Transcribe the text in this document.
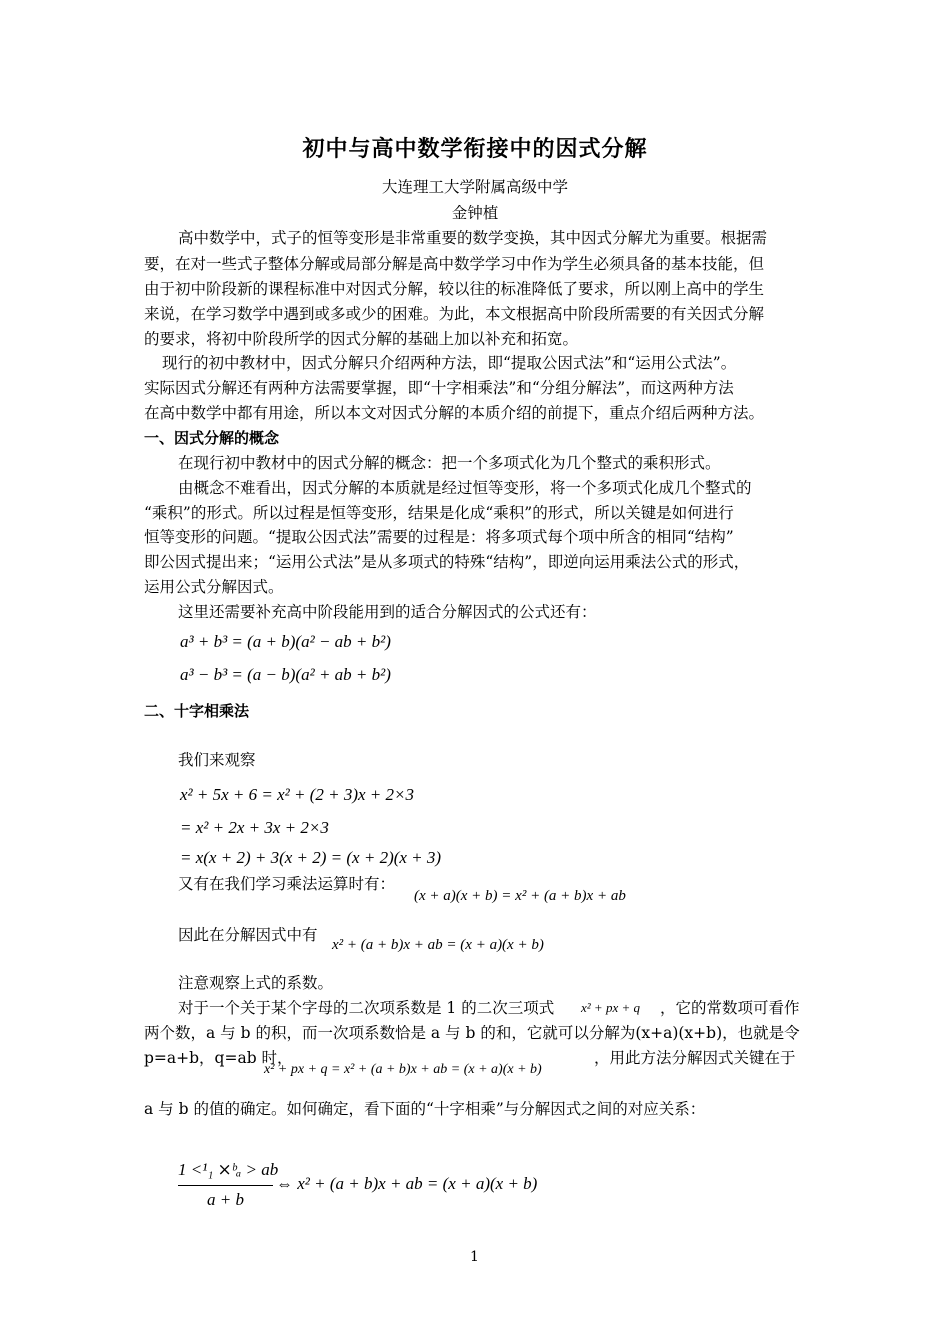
初中与高中数学衔接中的因式分解
大连理工大学附属高级中学
金钟植
高中数学中，式子的恒等变形是非常重要的数学变换，其中因式分解尤为重要。根据需
要，在对一些式子整体分解或局部分解是高中数学学习中作为学生必须具备的基本技能，但
由于初中阶段新的课程标准中对因式分解，较以往的标准降低了要求，所以刚上高中的学生
来说，在学习数学中遇到或多或少的困难。为此，本文根据高中阶段所需要的有关因式分解
的要求，将初中阶段所学的因式分解的基础上加以补充和拓宽。
现行的初中教材中，因式分解只介绍两种方法，即“提取公因式法”和“运用公式法”。
实际因式分解还有两种方法需要掌握，即“十字相乘法”和“分组分解法”，而这两种方法
在高中数学中都有用途，所以本文对因式分解的本质介绍的前提下，重点介绍后两种方法。
一、因式分解的概念
在现行初中教材中的因式分解的概念：把一个多项式化为几个整式的乘积形式。
由概念不难看出，因式分解的本质就是经过恒等变形，将一个多项式化成几个整式的
“乘积”的形式。所以过程是恒等变形，结果是化成“乘积”的形式，所以关键是如何进行
恒等变形的问题。“提取公因式法”需要的过程是：将多项式每个项中所含的相同“结构”
即公因式提出来；“运用公式法”是从多项式的特殊“结构”，即逆向运用乘法公式的形式，
运用公式分解因式。
这里还需要补充高中阶段能用到的适合分解因式的公式还有：
a³ + b³ = (a + b)(a² − ab + b²)
a³ − b³ = (a − b)(a² + ab + b²)
二、十字相乘法
我们来观察
x² + 5x + 6 = x² + (2 + 3)x + 2×3
= x² + 2x + 3x + 2×3
= x(x + 2) + 3(x + 2) = (x + 2)(x + 3)
又有在我们学习乘法运算时有：
(x + a)(x + b) = x² + (a + b)x + ab
因此在分解因式中有
x² + (a + b)x + ab = (x + a)(x + b)
注意观察上式的系数。
对于一个关于某个字母的二次项系数是 1 的二次三项式 x² + px + q ，它的常数项可看作
两个数，a 与 b 的积，而一次项系数恰是 a 与 b 的和，它就可以分解为(x+a)(x+b)，也就是令
p=a+b，q=ab 时，
x² + px + q = x² + (a + b)x + ab = (x + a)(x + b)
，用此方法分解因式关键在于
a 与 b 的值的确定。如何确定，看下面的“十字相乘”与分解因式之间的对应关系：
1 <¹₁ ⨯ᵇₐ > ab
a + b
⇔ x² + (a + b)x + ab = (x + a)(x + b)
1
